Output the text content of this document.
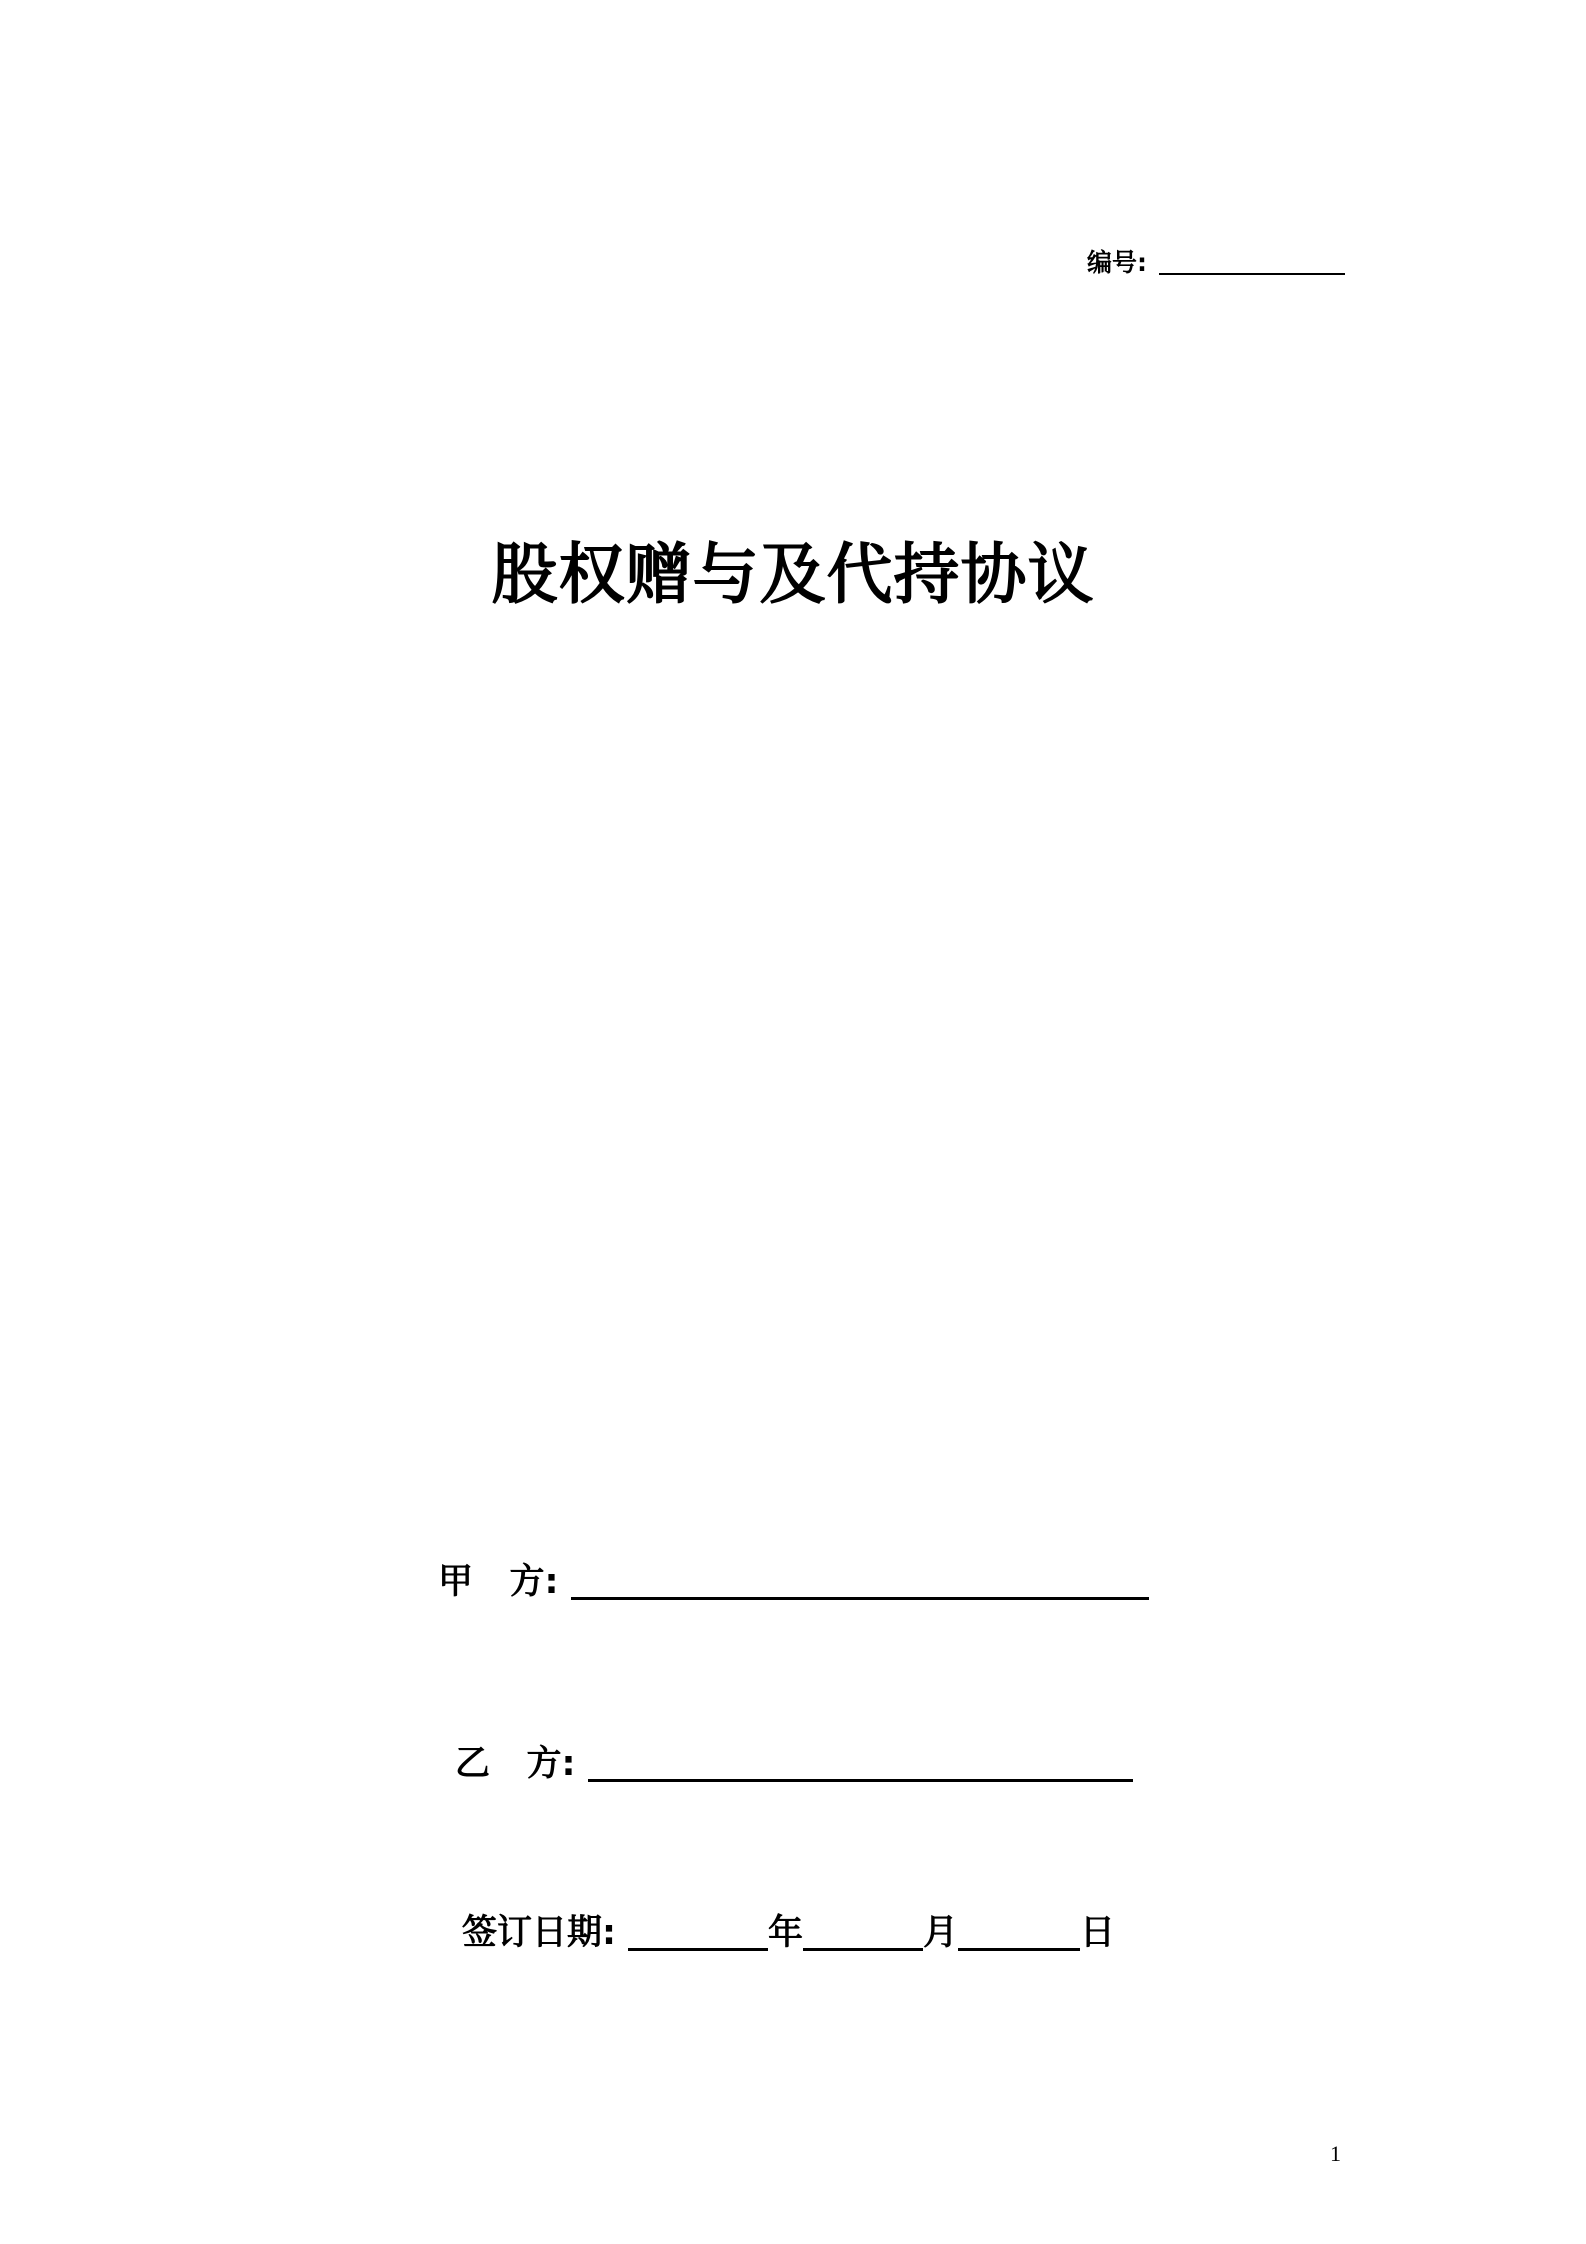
编号:
股权赠与及代持协议
甲   方:
乙   方:
签订日期:	年	月	日
1
